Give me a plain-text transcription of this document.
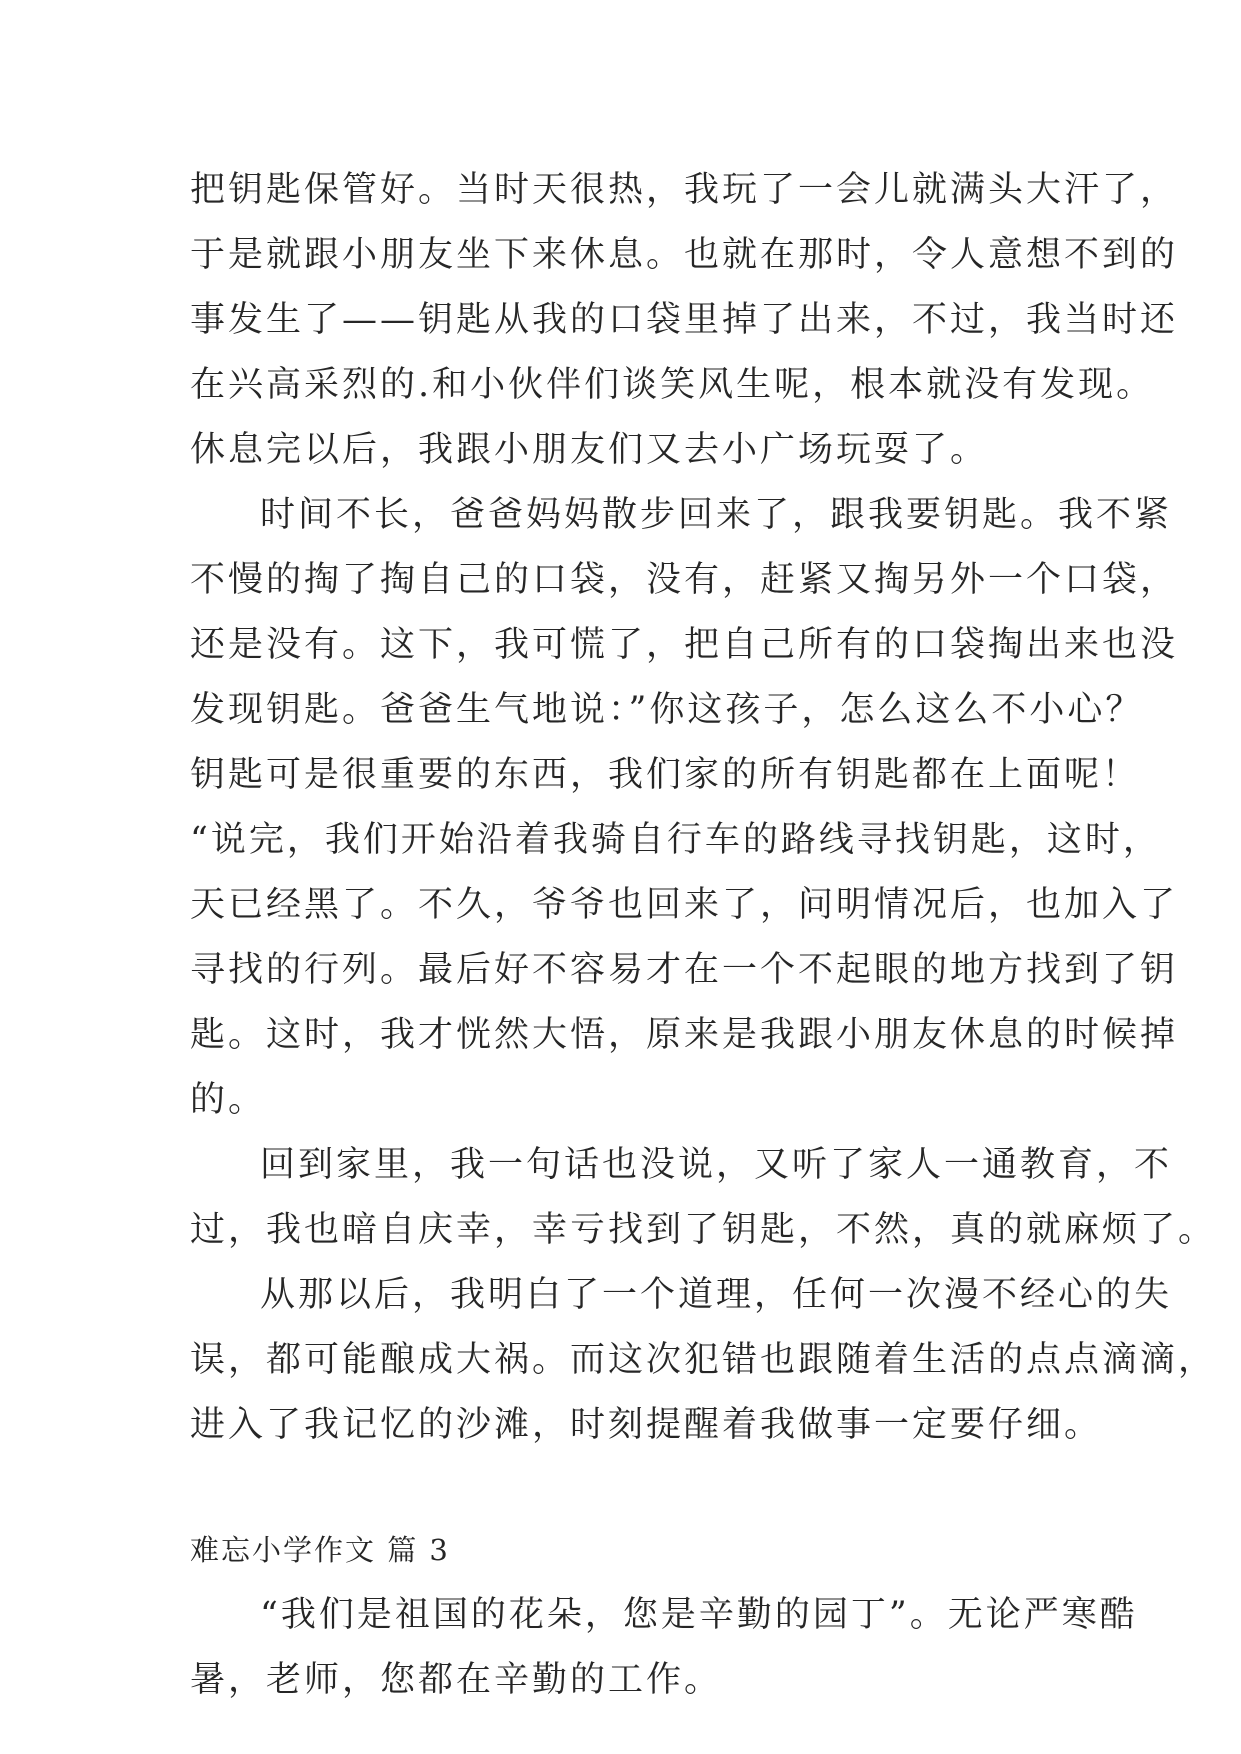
把钥匙保管好。当时天很热，我玩了一会儿就满头大汗了，
于是就跟小朋友坐下来休息。也就在那时，令人意想不到的
事发生了——钥匙从我的口袋里掉了出来，不过，我当时还
在兴高采烈的.和小伙伴们谈笑风生呢，根本就没有发现。
休息完以后，我跟小朋友们又去小广场玩耍了。
时间不长，爸爸妈妈散步回来了，跟我要钥匙。我不紧
不慢的掏了掏自己的口袋，没有，赶紧又掏另外一个口袋，
还是没有。这下，我可慌了，把自己所有的口袋掏出来也没
发现钥匙。爸爸生气地说：”你这孩子，怎么这么不小心？
钥匙可是很重要的东西，我们家的所有钥匙都在上面呢！
“说完，我们开始沿着我骑自行车的路线寻找钥匙，这时，
天已经黑了。不久，爷爷也回来了，问明情况后，也加入了
寻找的行列。最后好不容易才在一个不起眼的地方找到了钥
匙。这时，我才恍然大悟，原来是我跟小朋友休息的时候掉
的。
回到家里，我一句话也没说，又听了家人一通教育，不
过，我也暗自庆幸，幸亏找到了钥匙，不然，真的就麻烦了。
从那以后，我明白了一个道理，任何一次漫不经心的失
误，都可能酿成大祸。而这次犯错也跟随着生活的点点滴滴，
进入了我记忆的沙滩，时刻提醒着我做事一定要仔细。
难忘小学作文 篇 3
“我们是祖国的花朵，您是辛勤的园丁”。无论严寒酷
暑，老师，您都在辛勤的工作。
